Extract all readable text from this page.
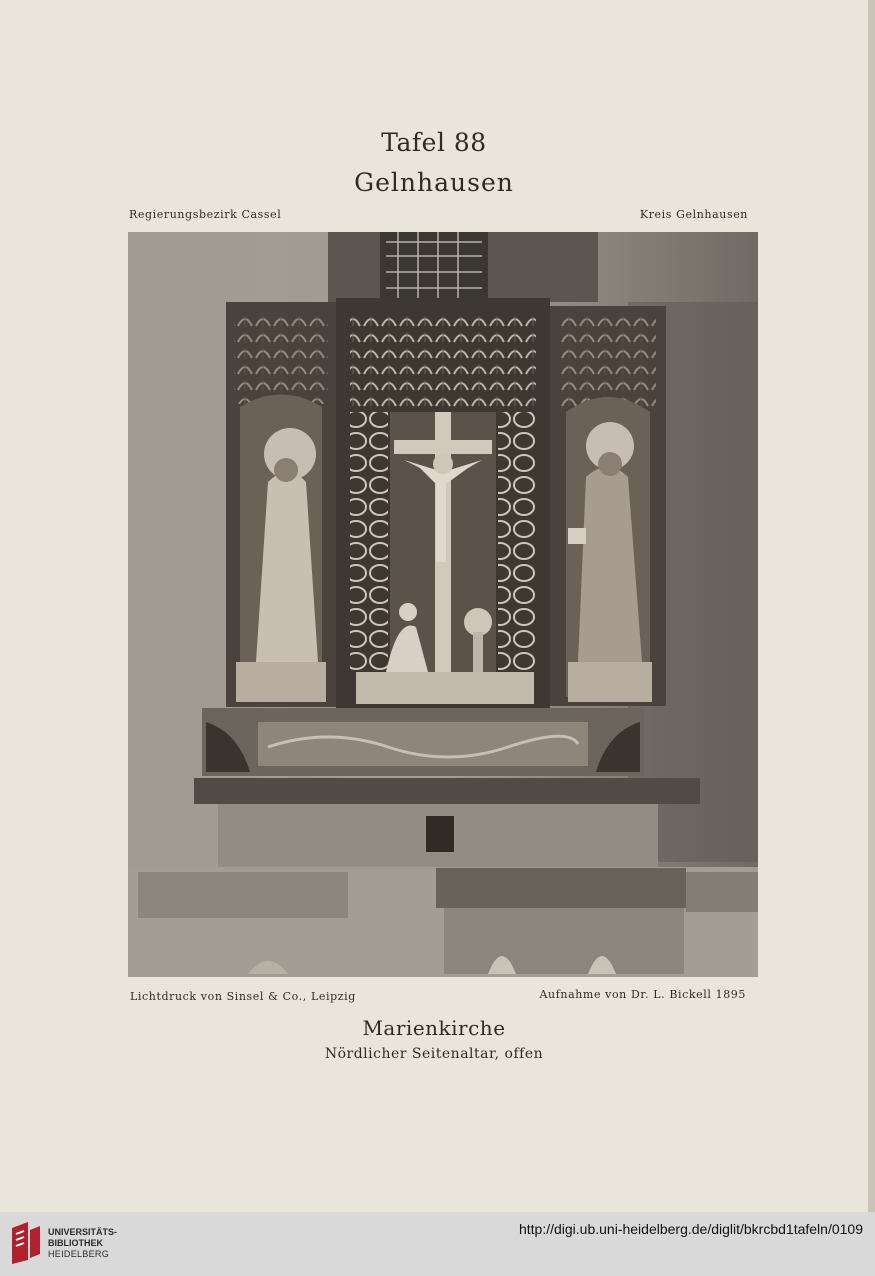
Tafel 88
Gelnhausen
Regierungsbezirk Cassel	Kreis Gelnhausen
Lichtdruck von Sinsel & Co., Leipzig	Aufnahme von Dr. L. Bickell 1895
Marienkirche
Nördlicher Seitenaltar, offen
UNIVERSITÄTS-
BIBLIOTHEK
HEIDELBERG
http://digi.ub.uni-heidelberg.de/diglit/bkrcbd1tafeln/0109
